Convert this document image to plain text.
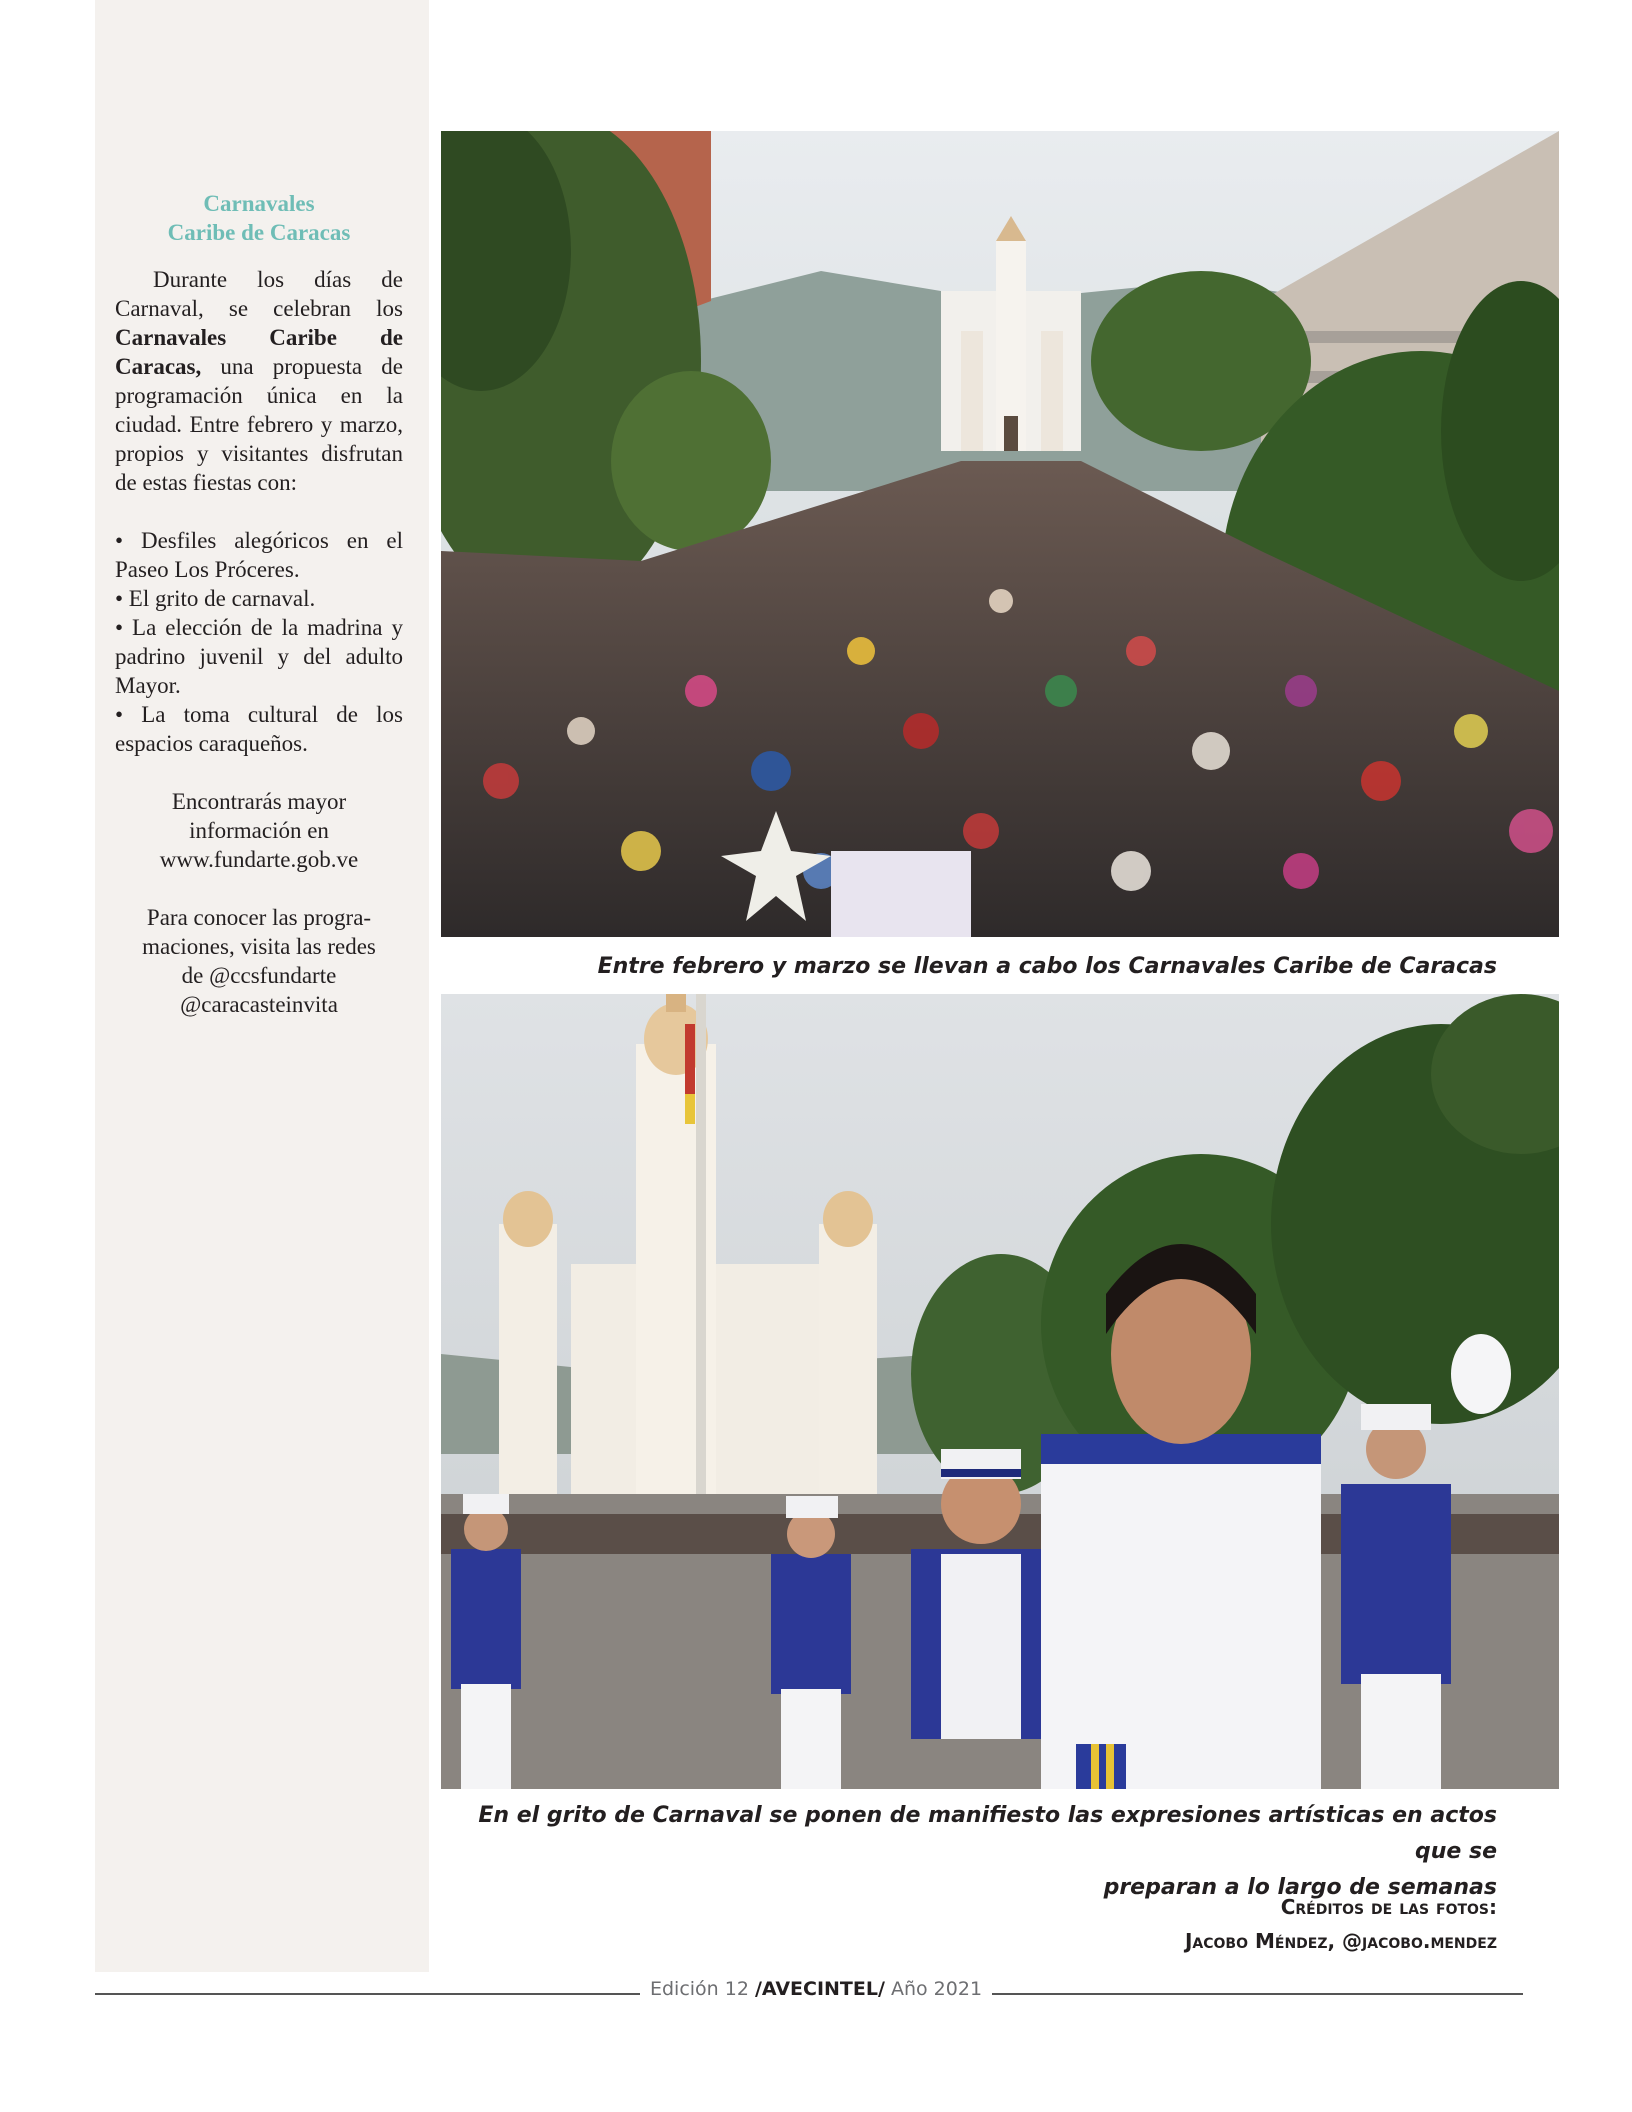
Carnavales
Caribe de Caracas

Durante los días de Carnaval, se celebran los Carnavales Caribe de Caracas, una propuesta de programación única en la ciudad. Entre febrero y marzo, propios y visitantes disfrutan de estas fiestas con:

• Desfiles alegóricos en el Paseo Los Próceres.
• El grito de carnaval.
• La elección de la madrina y padrino juvenil y del adulto Mayor.
• La toma cultural de los espacios caraqueños.
Encontrarás mayor
información en
www.fundarte.gob.ve
Para conocer las progra-
maciones, visita las redes
de @ccsfundarte
@caracasteinvita
Entre febrero y marzo se llevan a cabo los Carnavales Caribe de Caracas
En el grito de Carnaval se ponen de manifiesto las expresiones artísticas en actos que se
preparan a lo largo de semanas
Créditos de las fotos:
Jacobo Méndez, @jacobo.mendez
Edición 12 /AVECINTEL/ Año 2021
